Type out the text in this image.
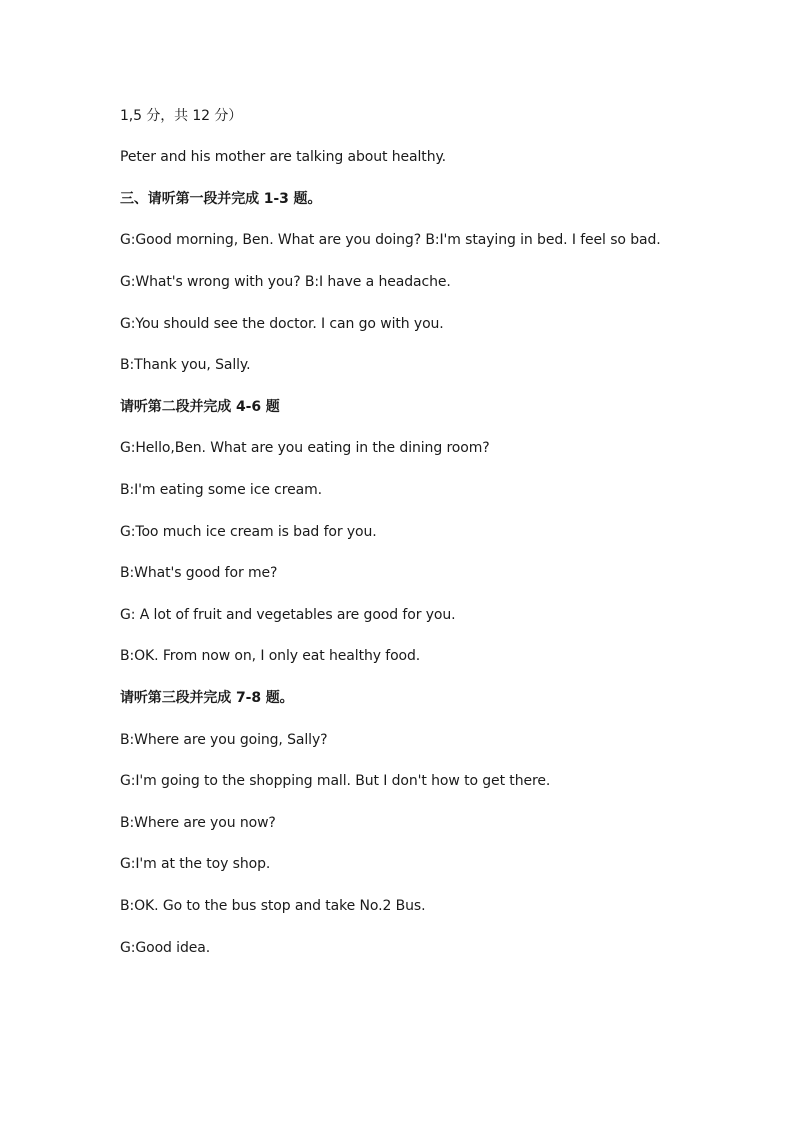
1,5 分，共 12 分）
Peter and his mother are talking about healthy.
三、请听第一段并完成 1-3 题。
G:Good morning, Ben. What are you doing? B:I'm staying in bed. I feel so bad.
G:What's wrong with you? B:I have a headache.
G:You should see the doctor. I can go with you.
B:Thank you, Sally.
请听第二段并完成 4-6 题
G:Hello,Ben. What are you eating in the dining room?
B:I'm eating some ice cream.
G:Too much ice cream is bad for you.
B:What's good for me?
G: A lot of fruit and vegetables are good for you.
B:OK. From now on, I only eat healthy food.
请听第三段并完成 7-8 题。
B:Where are you going, Sally?
G:I'm going to the shopping mall. But I don't how to get there.
B:Where are you now?
G:I'm at the toy shop.
B:OK. Go to the bus stop and take No.2 Bus.
G:Good idea.
